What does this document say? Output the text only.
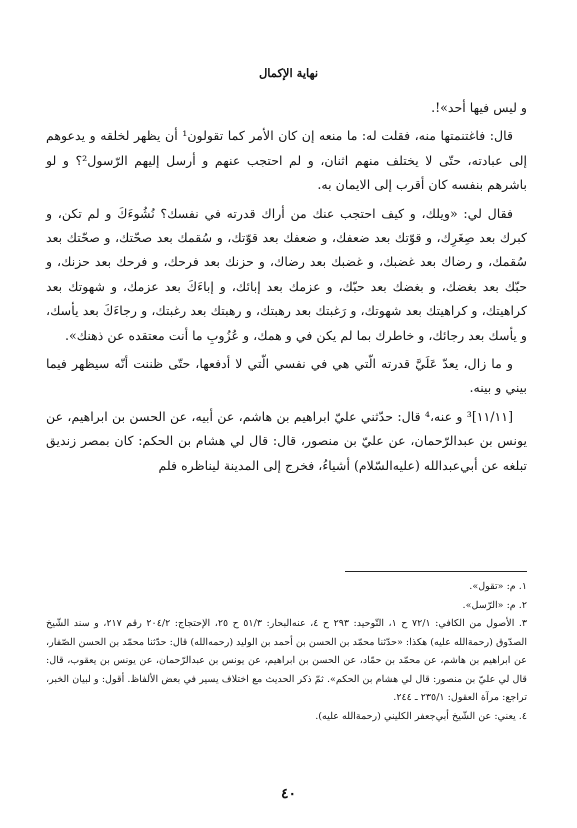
نهاية الإكمال

و ليس فيها أحد»!.

قال: فاغتنمتها منه، فقلت له: ما منعه إن كان الأمر كما تقولون¹ أن يظهر لخلقه و يدعوهم إلى عبادته، حتّى لا يختلف منهم اثنان، و لم احتجب عنهم و أرسل إليهم الرّسول²؟ و لو باشرهم بنفسه كان أقرب إلى الايمان به.

فقال لي: «ويلك، و كيف احتجب عنك من أراك قدرته في نفسك؟ نُشُوءَكَ و لم تكن، و كبرك بعد صِغَرِك، و قوّتك بعد ضعفك، و ضعفك بعد قوّتك، و سُقمك بعد صحّتك، و صحّتك بعد سُقمك، و رضاك بعد غضبك، و غضبك بعد رضاك، و حزنك بعد فرحك، و فرحك بعد حزنك، و حبّك بعد بغضك، و بغضك بعد حبّك، و عزمك بعد إبائك، و إباءَكَ بعد عزمك، و شهوتك بعد كراهيتك، و كراهيتك بعد شهوتك، و رَغبتك بعد رهبتك، و رهبتك بعد رغبتك، و رجاءَكَ بعد يأسك، و يأسك بعد رجائك، و خاطرك بما لم يكن في و همك، و عُزُوبِ ما أنت معتقده عن ذهنك».

و ما زال، يعدّ عَلَيَّ قدرته الّتي هي في نفسي الّتي لا أدفعها، حتّى ظننت أنّه سيظهر فيما بيني و بينه.

[١١/١١]³ و عنه،⁴ قال: حدّثني عليّ ابراهيم بن هاشم، عن أبيه، عن الحسن بن ابراهيم، عن يونس بن عبدالرّحمان، عن عليّ بن منصور، قال: قال لي هشام بن الحكم: كان بمصر زنديق تبلغه عن أبي‌عبدالله (عليه‌السّلام) أشياءُ، فخرج إلى المدينة ليناظره فلم

١. م: «تقول».

٢. م: «الرّسل».

٣. الأصول من الكافي: ٧٢/١ ح ١، التّوحيد: ٢٩٣ ح ٤، عنه‌البحار: ٥١/٣ ح ٢٥، الإحتجاج: ٢٠٤/٢ رقم ٢١٧، و سند الشّيخ الصدّوق (رحمةالله عليه) هكذا: «حدّثنا محمّد بن الحسن بن أحمد بن الوليد (رحمه‌الله) قال: حدّثنا محمّد بن الحسن الصّفار، عن ابراهيم بن هاشم، عن محمّد بن حمّاد، عن الحسن بن ابراهيم، عن يونس بن عبدالرّحمان، عن يونس بن يعقوب، قال: قال لي عليّ بن منصور: قال لي هشام بن الحكم». ثمّ ذكر الحديث مع اختلاف يسير في بعض الألفاظ. أقول: و لبيان الخبر، تراجع: مرآة العقول: ٢٣٥/١ ـ ٢٤٤.

٤. يعني: عن الشّيخ أبي‌جعفر الكليني (رحمةالله عليه).

٤٠
